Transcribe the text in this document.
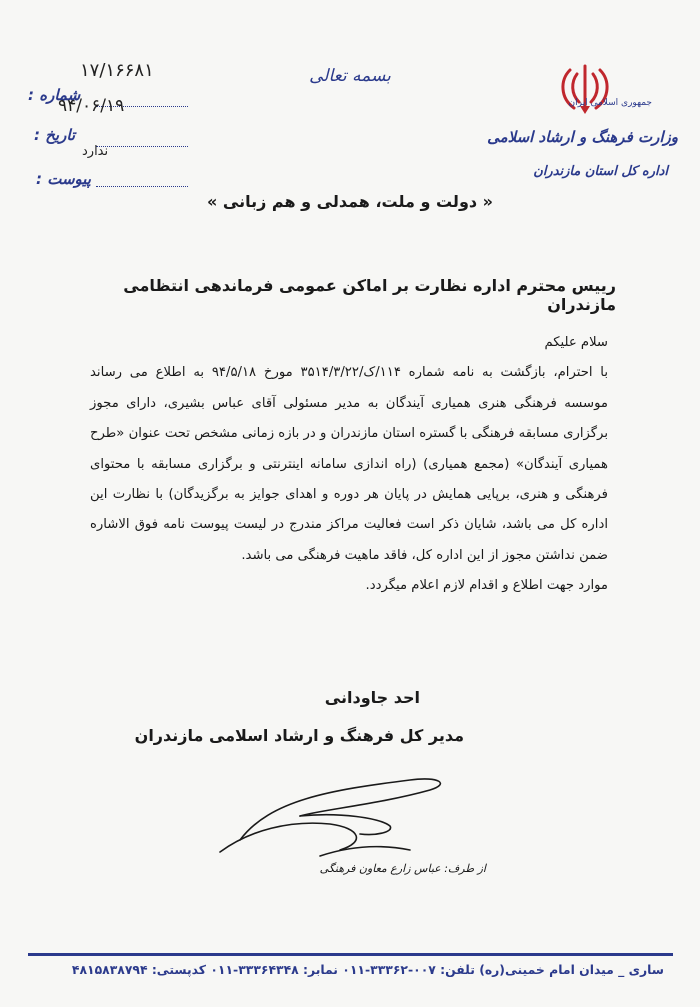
جمهوری اسلامی ایران
وزارت فرهنگ و ارشاد اسلامی
اداره کل استان مازندران
بسمه تعالی
۱۷/۱۶۶۸۱
شماره :
۹۴/۰۶/۱۹
تاریخ :
ندارد
پیوست :
« دولت و ملت، همدلی و هم زبانی »
ریيس محترم اداره نظارت بر اماکن عمومی فرماندهی انتظامی مازندران

سلام علیکم

با احترام، بازگشت به نامه شماره ۱۱۴/ک/۳۵۱۴/۳/۲۲ مورخ ۹۴/۵/۱۸ به اطلاع می رساند موسسه فرهنگی هنری همیاری آیندگان به مدیر مسئولی آقای عباس بشیری، دارای مجوز برگزاری مسابقه فرهنگی با گستره استان مازندران و در بازه زمانی مشخص تحت عنوان «طرح همیاری آیندگان» (مجمع همیاری) (راه اندازی سامانه اینترنتی و برگزاری مسابقه با محتوای فرهنگی و هنری، برپایی همایش در پایان هر دوره و اهدای جوایز به برگزیدگان) با نظارت این اداره کل می باشد، شایان ذکر است فعالیت مراکز مندرج در لیست پیوست نامه فوق الاشاره ضمن نداشتن مجوز از این اداره کل، فاقد ماهیت فرهنگی می باشد.

موارد جهت اطلاع و اقدام لازم اعلام میگردد.

احد جاودانی
مدیر کل فرهنگ و ارشاد اسلامی مازندران
از طرف: عباس زارع معاون فرهنگی
ساری _ میدان امام خمینی(ره) تلفن: ۰۰۷-۳۳۳۶۲-۰۱۱ نمابر: ۳۳۳۶۴۳۴۸-۰۱۱ کدپستی: ۴۸۱۵۸۳۸۷۹۴
